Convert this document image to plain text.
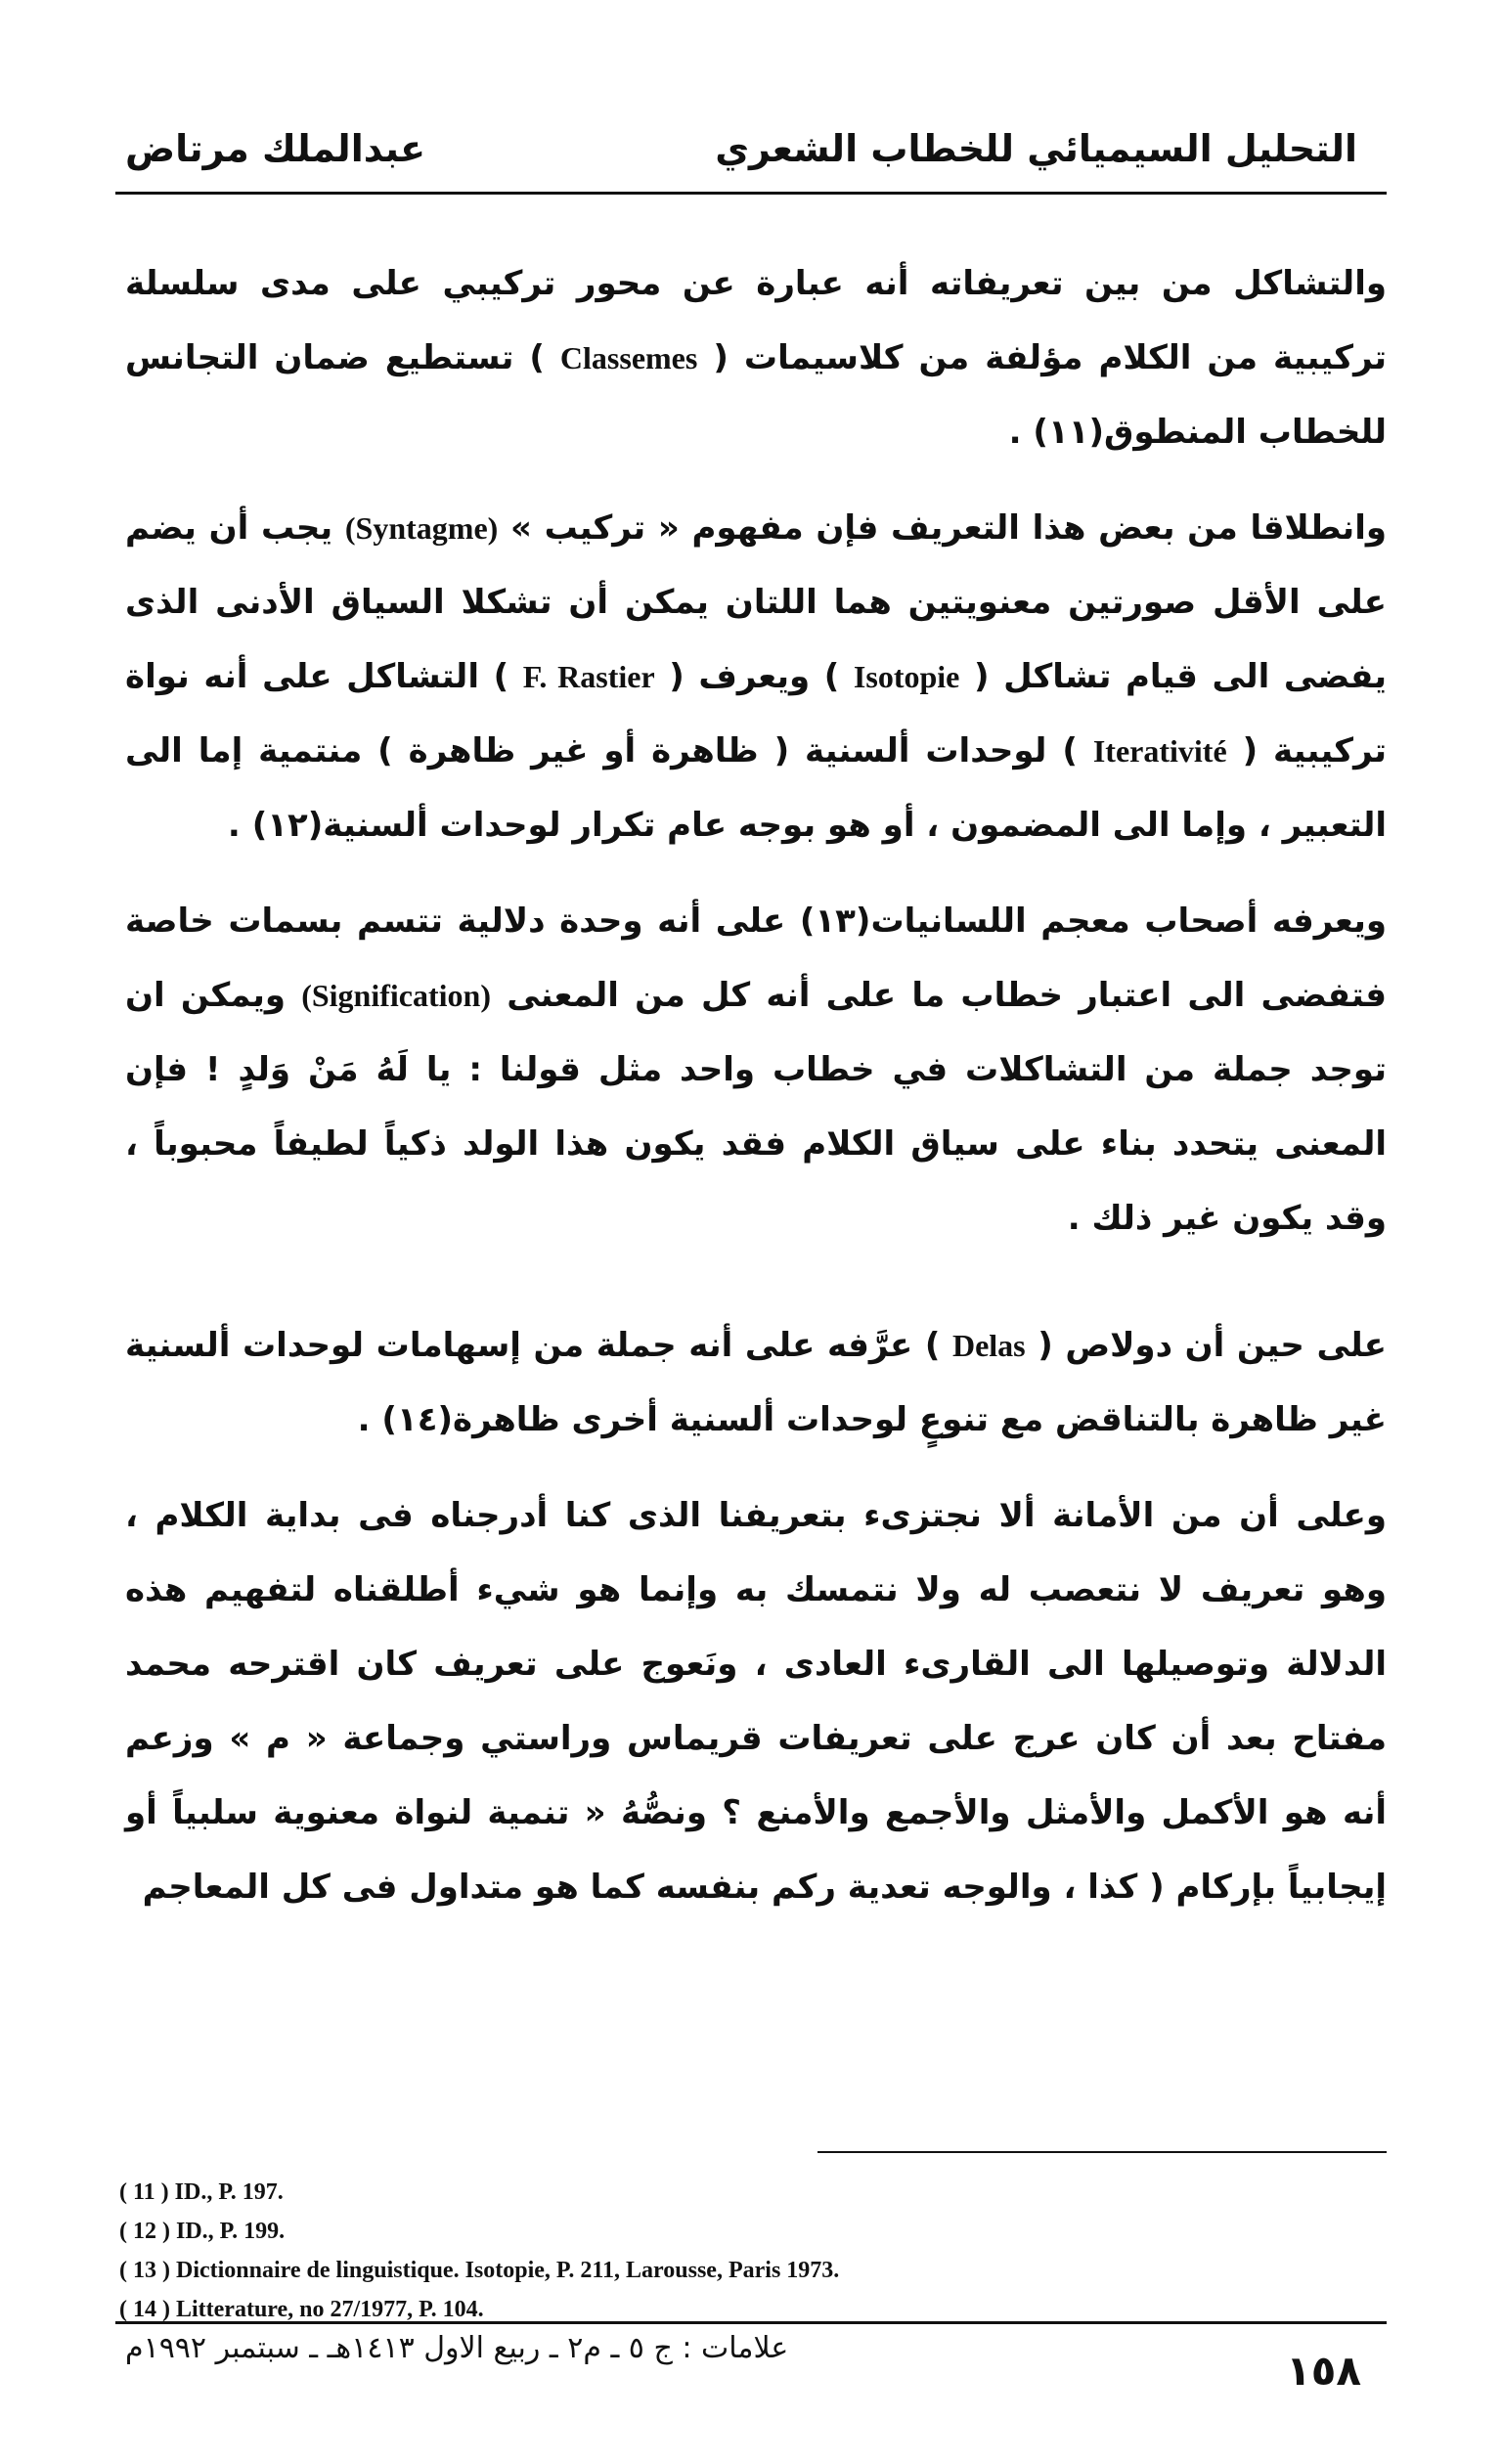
التحليل السيميائي للخطاب الشعري
عبدالملك مرتاض

والتشاكل من بين تعريفاته أنه عبارة عن محور تركيبي على مدى سلسلة تركيبية من الكلام مؤلفة من كلاسيمات ( Classemes ) تستطيع ضمان التجانس للخطاب المنطوق(١١) .

وانطلاقا من بعض هذا التعريف فإن مفهوم « تركيب » (Syntagme) يجب أن يضم على الأقل صورتين معنويتين هما اللتان يمكن أن تشكلا السياق الأدنى الذى يفضى الى قيام تشاكل ( Isotopie ) ويعرف ( F. Rastier ) التشاكل على أنه نواة تركيبية ( Iterativité ) لوحدات ألسنية ( ظاهرة أو غير ظاهرة ) منتمية إما الى التعبير ، وإما الى المضمون ، أو هو بوجه عام تكرار لوحدات ألسنية(١٢) .

ويعرفه أصحاب معجم اللسانيات(١٣) على أنه وحدة دلالية تتسم بسمات خاصة فتفضى الى اعتبار خطاب ما على أنه كل من المعنى (Signification) ويمكن ان توجد جملة من التشاكلات في خطاب واحد مثل قولنا : يا لَهُ مَنْ وَلدٍ ! فإن المعنى يتحدد بناء على سياق الكلام فقد يكون هذا الولد ذكياً لطيفاً محبوباً ، وقد يكون غير ذلك .

على حين أن دولاص ( Delas ) عرَّفه على أنه جملة من إسهامات لوحدات ألسنية غير ظاهرة بالتناقض مع تنوعٍ لوحدات ألسنية أخرى ظاهرة(١٤) .

وعلى أن من الأمانة ألا نجتزىء بتعريفنا الذى كنا أدرجناه فى بداية الكلام ، وهو تعريف لا نتعصب له ولا نتمسك به وإنما هو شيء أطلقناه لتفهيم هذه الدلالة وتوصيلها الى القارىء العادى ، ونَعوج على تعريف كان اقترحه محمد مفتاح بعد أن كان عرج على تعريفات قريماس وراستي وجماعة « م » وزعم أنه هو الأكمل والأمثل والأجمع والأمنع ؟ ونصُّهُ « تنمية لنواة معنوية سلبياً أو إيجابياً بإركام ( كذا ، والوجه تعدية ركم بنفسه كما هو متداول فى كل المعاجم

( 11 ) ID., P. 197.

( 12 ) ID., P. 199.

( 13 ) Dictionnaire de linguistique. Isotopie, P. 211, Larousse, Paris 1973.

( 14 ) Litterature, no 27/1977, P. 104.

علامات : ج ٥ ـ م٢ ـ ربيع الاول ١٤١٣هـ ـ سبتمبر ١٩٩٢م	١٥٨
